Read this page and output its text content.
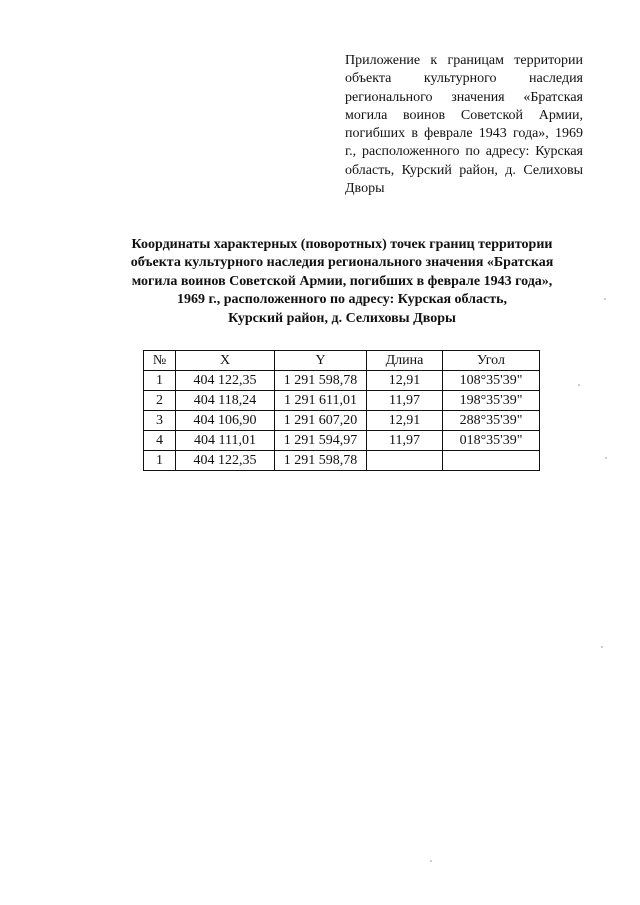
Приложение к границам территории объекта культурного наследия регионального значения «Братская могила воинов Советской Армии, погибших в феврале 1943 года», 1969 г., расположенного по адресу: Курская область, Курский район, д. Селиховы Дворы
Координаты характерных (поворотных) точек границ территории
объекта культурного наследия регионального значения «Братская
могила воинов Советской Армии, погибших в феврале 1943 года»,
1969 г., расположенного по адресу: Курская область,
Курский район, д. Селиховы Дворы
№	X	Y	Длина	Угол
1	404 122,35	1 291 598,78	12,91	108°35'39"
2	404 118,24	1 291 611,01	11,97	198°35'39"
3	404 106,90	1 291 607,20	12,91	288°35'39"
4	404 111,01	1 291 594,97	11,97	018°35'39"
1	404 122,35	1 291 598,78		
